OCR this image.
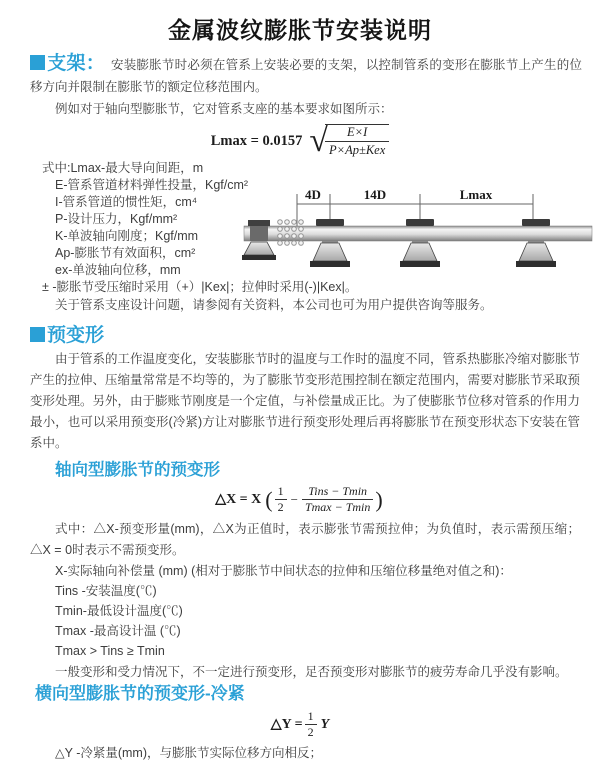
金属波纹膨胀节安装说明

支架： 安装膨胀节时必须在管系上安装必要的支架，以控制管系的变形在膨胀节上产生的位移方向并限制在膨胀节的额定位移范围内。

例如对于轴向型膨胀节，它对管系支座的基本要求如图所示：

Lmax = 0.0157 √
$\frac{E\times I}{\text{P×Ap±Kex}}$
式中:Lmax-最大导向间距，m
E-管系管道材料弹性投量，Kgf/cm²
I-管系管道的惯性矩，cm⁴
P-设计压力，Kgf/mm²
K-单波轴向刚度；Kgf/mm
Ap-膨胀节有效面积，cm²
ex-单波轴向位移，mm
± -膨胀节受压缩时采用（+）|Kex|；拉伸时采用(-)|Kex|。
关于管系支座设计问题，请参阅有关资料，本公司也可为用户提供咨询等服务。
4D	14D	Lmax
预变形

由于管系的工作温度变化，安装膨胀节时的温度与工作时的温度不同，管系热膨胀冷缩对膨胀节产生的拉伸、压缩量常常是不均等的，为了膨胀节变形范围控制在额定范围内，需要对膨胀节采取预变形处理。另外，由于膨账节刚度是一个定值，与补偿量成正比。为了使膨胀节位移对管系的作用力最小，也可以采用预变形(冷紧)方让对膨胀节进行预变形处理后再将膨胀节在预变形状态下安装在管系中。

轴向型膨胀节的预变形
△X = X ( $\frac{1}{2} - \frac{\text{Tins − Tmin}}{Tmax - Tmin}$ )

式中：△X-预变形量(mm)，△X为正值时，表示膨张节需预拉伸；为负值时，表示需预压缩；△X = 0时表示不需预变形。

X-实际轴向补偿量 (mm) (相对于膨胀节中间状态的拉伸和压缩位移量绝对值之和)：
Tins -安装温度(℃)
Tmin-最低设计温度(℃)
Tmax -最高设计温 (℃)
Tmax > Tins ≥ Tmin

一般变形和受力情况下，不一定进行预变形，足否预变形对膨胀节的疲劳寿命几乎没有影响。

横向型膨胀节的预变形-冷紧
△Y = $\frac{1}{2}$ Y
△Y -冷紧量(mm)，与膨胀节实际位移方向相反；
